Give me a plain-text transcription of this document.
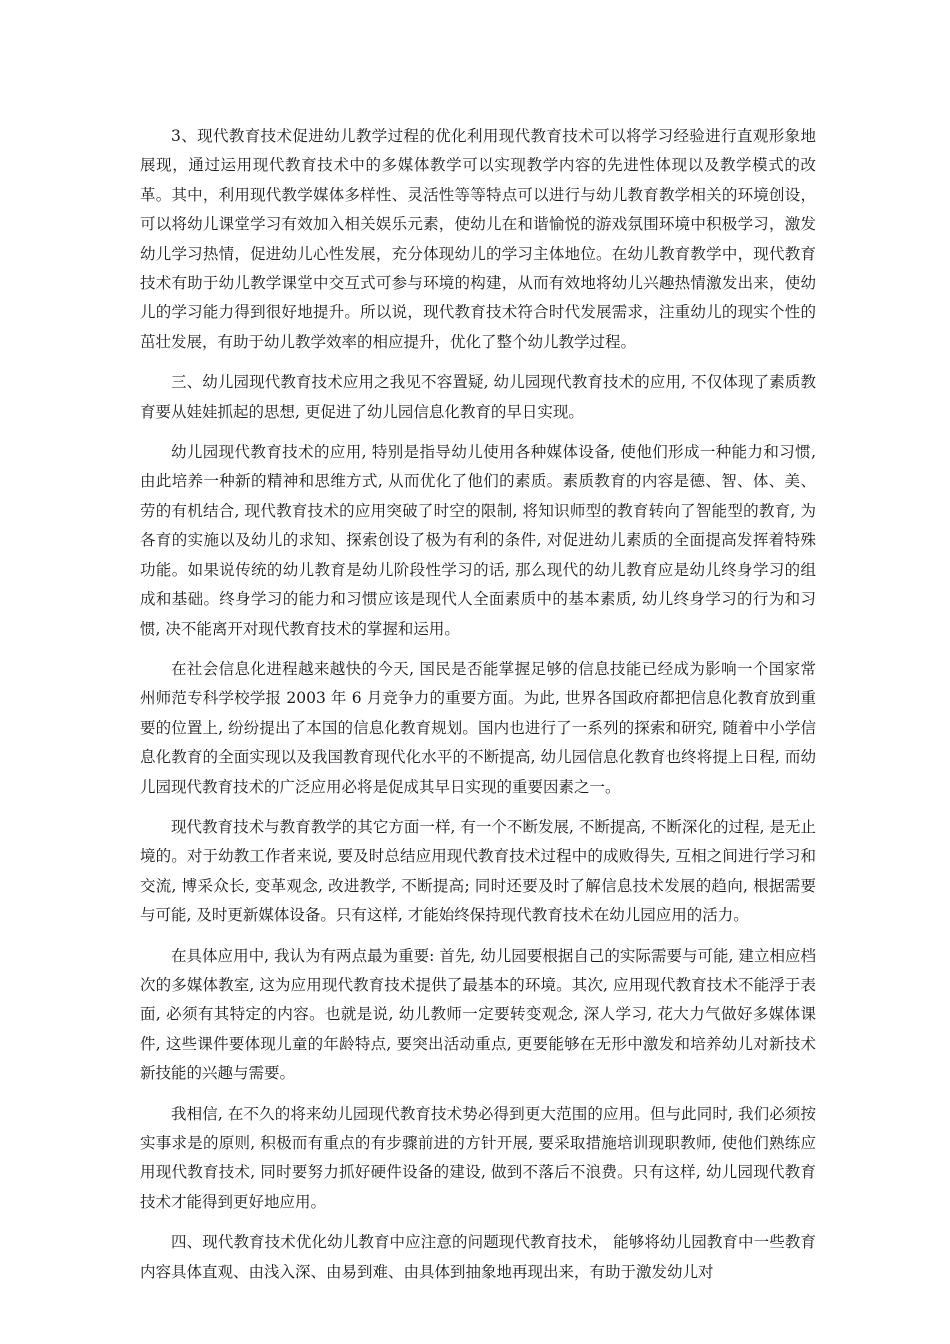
3、现代教育技术促进幼儿教学过程的优化利用现代教育技术可以将学习经验进行直观形象地展现，通过运用现代教育技术中的多媒体教学可以实现教学内容的先进性体现以及教学模式的改革。其中，利用现代教学媒体多样性、灵活性等等特点可以进行与幼儿教育教学相关的环境创设，可以将幼儿课堂学习有效加入相关娱乐元素，使幼儿在和谐愉悦的游戏氛围环境中积极学习，激发幼儿学习热情，促进幼儿心性发展，充分体现幼儿的学习主体地位。在幼儿教育教学中，现代教育技术有助于幼儿教学课堂中交互式可参与环境的构建，从而有效地将幼儿兴趣热情激发出来，使幼儿的学习能力得到很好地提升。所以说，现代教育技术符合时代发展需求，注重幼儿的现实个性的茁壮发展，有助于幼儿教学效率的相应提升，优化了整个幼儿教学过程。

三、幼儿园现代教育技术应用之我见不容置疑, 幼儿园现代教育技术的应用, 不仅体现了素质教育要从娃娃抓起的思想, 更促进了幼儿园信息化教育的早日实现。

幼儿园现代教育技术的应用, 特别是指导幼儿使用各种媒体设备, 使他们形成一种能力和习惯, 由此培养一种新的精神和思维方式, 从而优化了他们的素质。素质教育的内容是德、智、体、美、劳的有机结合, 现代教育技术的应用突破了时空的限制, 将知识师型的教育转向了智能型的教育, 为各育的实施以及幼儿的求知、探索创设了极为有利的条件, 对促进幼儿素质的全面提高发挥着特殊功能。如果说传统的幼儿教育是幼儿阶段性学习的话, 那么现代的幼儿教育应是幼儿终身学习的组成和基础。终身学习的能力和习惯应该是现代人全面素质中的基本素质, 幼儿终身学习的行为和习惯, 决不能离开对现代教育技术的掌握和运用。

在社会信息化进程越来越快的今天, 国民是否能掌握足够的信息技能已经成为影响一个国家常州师范专科学校学报 2003 年 6 月竞争力的重要方面。为此, 世界各国政府都把信息化教育放到重要的位置上, 纷纷提出了本国的信息化教育规划。国内也进行了一系列的探索和研究, 随着中小学信息化教育的全面实现以及我国教育现代化水平的不断提高, 幼儿园信息化教育也终将提上日程, 而幼儿园现代教育技术的广泛应用必将是促成其早日实现的重要因素之一。

现代教育技术与教育教学的其它方面一样, 有一个不断发展, 不断提高, 不断深化的过程, 是无止境的。对于幼教工作者来说, 要及时总结应用现代教育技术过程中的成败得失, 互相之间进行学习和交流, 博采众长, 变革观念, 改进教学, 不断提高; 同时还要及时了解信息技术发展的趋向, 根据需要与可能, 及时更新媒体设备。只有这样, 才能始终保持现代教育技术在幼儿园应用的活力。

在具体应用中, 我认为有两点最为重要: 首先, 幼儿园要根据自己的实际需要与可能, 建立相应档次的多媒体教室, 这为应用现代教育技术提供了最基本的环境。其次, 应用现代教育技术不能浮于表面, 必须有其特定的内容。也就是说, 幼儿教师一定要转变观念, 深人学习, 花大力气做好多媒体课件, 这些课件要体现儿童的年龄特点, 要突出活动重点, 更要能够在无形中激发和培养幼儿对新技术新技能的兴趣与需要。

我相信, 在不久的将来幼儿园现代教育技术势必得到更大范围的应用。但与此同时, 我们必须按实事求是的原则, 积极而有重点的有步骤前进的方针开展, 要采取措施培训现职教师, 使他们熟练应用现代教育技术, 同时要努力抓好硬件设备的建设, 做到不落后不浪费。只有这样, 幼儿园现代教育技术才能得到更好地应用。

四、现代教育技术优化幼儿教育中应注意的问题现代教育技术， 能够将幼儿园教育中一些教育内容具体直观、由浅入深、由易到难、由具体到抽象地再现出来，有助于激发幼儿对
